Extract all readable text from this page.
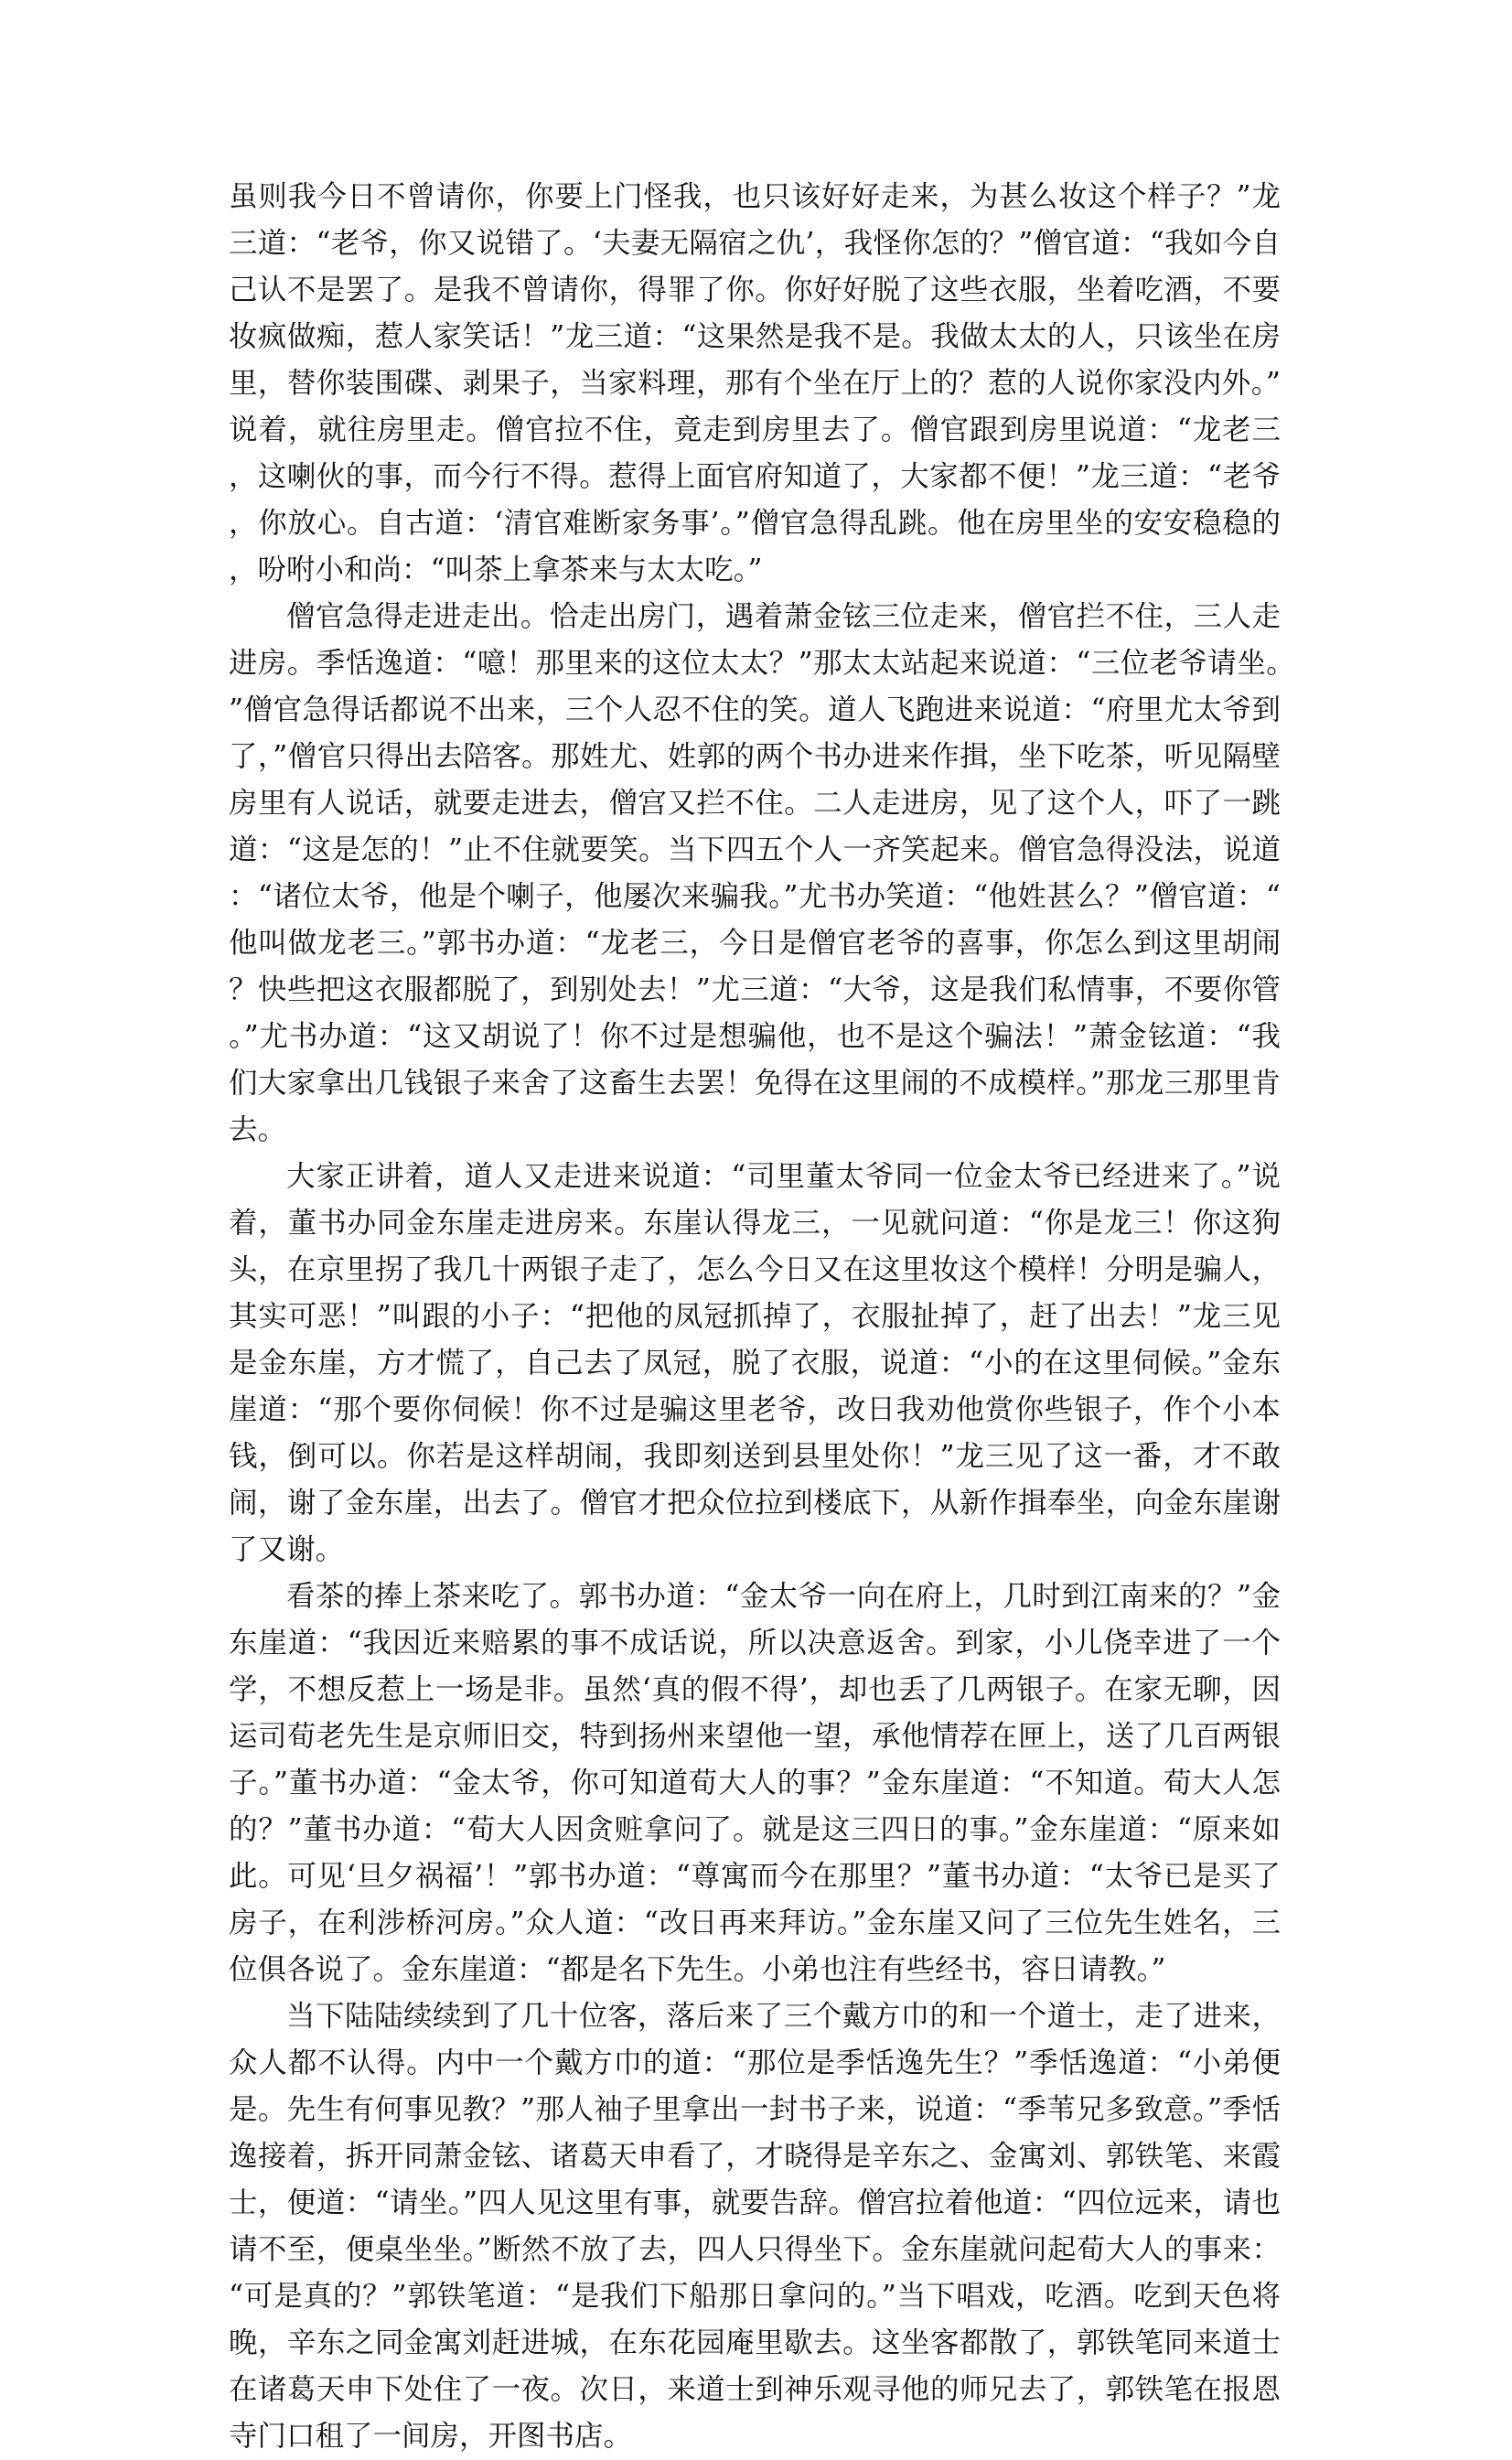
虽则我今日不曾请你，你要上门怪我，也只该好好走来，为甚么妆这个样子？”龙三道：“老爷，你又说错了。‘夫妻无隔宿之仇’，我怪你怎的？”僧官道：“我如今自己认不是罢了。是我不曾请你，得罪了你。你好好脱了这些衣服，坐着吃酒，不要妆疯做痴，惹人家笑话！”龙三道：“这果然是我不是。我做太太的人，只该坐在房里，替你装围碟、剥果子，当家料理，那有个坐在厅上的？惹的人说你家没内外。”说着，就往房里走。僧官拉不住，竟走到房里去了。僧官跟到房里说道：“龙老三，这喇伙的事，而今行不得。惹得上面官府知道了，大家都不便！”龙三道：“老爷，你放心。自古道：‘清官难断家务事’。”僧官急得乱跳。他在房里坐的安安稳稳的，吩咐小和尚：“叫茶上拿茶来与太太吃。”

僧官急得走进走出。恰走出房门，遇着萧金铉三位走来，僧官拦不住，三人走进房。季恬逸道：“噫！那里来的这位太太？”那太太站起来说道：“三位老爷请坐。”僧官急得话都说不出来，三个人忍不住的笑。道人飞跑进来说道：“府里尤太爷到了，”僧官只得出去陪客。那姓尤、姓郭的两个书办进来作揖，坐下吃茶，听见隔壁房里有人说话，就要走进去，僧宫又拦不住。二人走进房，见了这个人，吓了一跳道：“这是怎的！”止不住就要笑。当下四五个人一齐笑起来。僧官急得没法，说道：“诸位太爷，他是个喇子，他屡次来骗我。”尤书办笑道：“他姓甚么？”僧官道：“他叫做龙老三。”郭书办道：“龙老三，今日是僧官老爷的喜事，你怎么到这里胡闹？快些把这衣服都脱了，到别处去！”尤三道：“大爷，这是我们私情事，不要你管。”尤书办道：“这又胡说了！你不过是想骗他，也不是这个骗法！”萧金铉道：“我们大家拿出几钱银子来舍了这畜生去罢！免得在这里闹的不成模样。”那龙三那里肯去。

大家正讲着，道人又走进来说道：“司里董太爷同一位金太爷已经进来了。”说着，董书办同金东崖走进房来。东崖认得龙三，一见就问道：“你是龙三！你这狗头，在京里拐了我几十两银子走了，怎么今日又在这里妆这个模样！分明是骗人，其实可恶！”叫跟的小子：“把他的凤冠抓掉了，衣服扯掉了，赶了出去！”龙三见是金东崖，方才慌了，自己去了凤冠，脱了衣服，说道：“小的在这里伺候。”金东崖道：“那个要你伺候！你不过是骗这里老爷，改日我劝他赏你些银子，作个小本钱，倒可以。你若是这样胡闹，我即刻送到县里处你！”龙三见了这一番，才不敢闹，谢了金东崖，出去了。僧官才把众位拉到楼底下，从新作揖奉坐，向金东崖谢了又谢。

看茶的捧上茶来吃了。郭书办道：“金太爷一向在府上，几时到江南来的？”金东崖道：“我因近来赔累的事不成话说，所以决意返舍。到家，小儿侥幸进了一个学，不想反惹上一场是非。虽然‘真的假不得’，却也丢了几两银子。在家无聊，因运司荀老先生是京师旧交，特到扬州来望他一望，承他情荐在匣上，送了几百两银子。”董书办道：“金太爷，你可知道荀大人的事？”金东崖道：“不知道。荀大人怎的？”董书办道：“荀大人因贪赃拿问了。就是这三四日的事。”金东崖道：“原来如此。可见‘旦夕祸福’！”郭书办道：“尊寓而今在那里？”董书办道：“太爷已是买了房子，在利涉桥河房。”众人道：“改日再来拜访。”金东崖又问了三位先生姓名，三位俱各说了。金东崖道：“都是名下先生。小弟也注有些经书，容日请教。”

当下陆陆续续到了几十位客，落后来了三个戴方巾的和一个道士，走了进来，众人都不认得。内中一个戴方巾的道：“那位是季恬逸先生？”季恬逸道：“小弟便是。先生有何事见教？”那人袖子里拿出一封书子来，说道：“季苇兄多致意。”季恬逸接着，拆开同萧金铉、诸葛天申看了，才晓得是辛东之、金寓刘、郭铁笔、来霞士，便道：“请坐。”四人见这里有事，就要告辞。僧宫拉着他道：“四位远来，请也请不至，便桌坐坐。”断然不放了去，四人只得坐下。金东崖就问起荀大人的事来：“可是真的？”郭铁笔道：“是我们下船那日拿问的。”当下唱戏，吃酒。吃到天色将晚，辛东之同金寓刘赶进城，在东花园庵里歇去。这坐客都散了，郭铁笔同来道士在诸葛天申下处住了一夜。次日，来道士到神乐观寻他的师兄去了，郭铁笔在报恩寺门口租了一间房，开图书店。
